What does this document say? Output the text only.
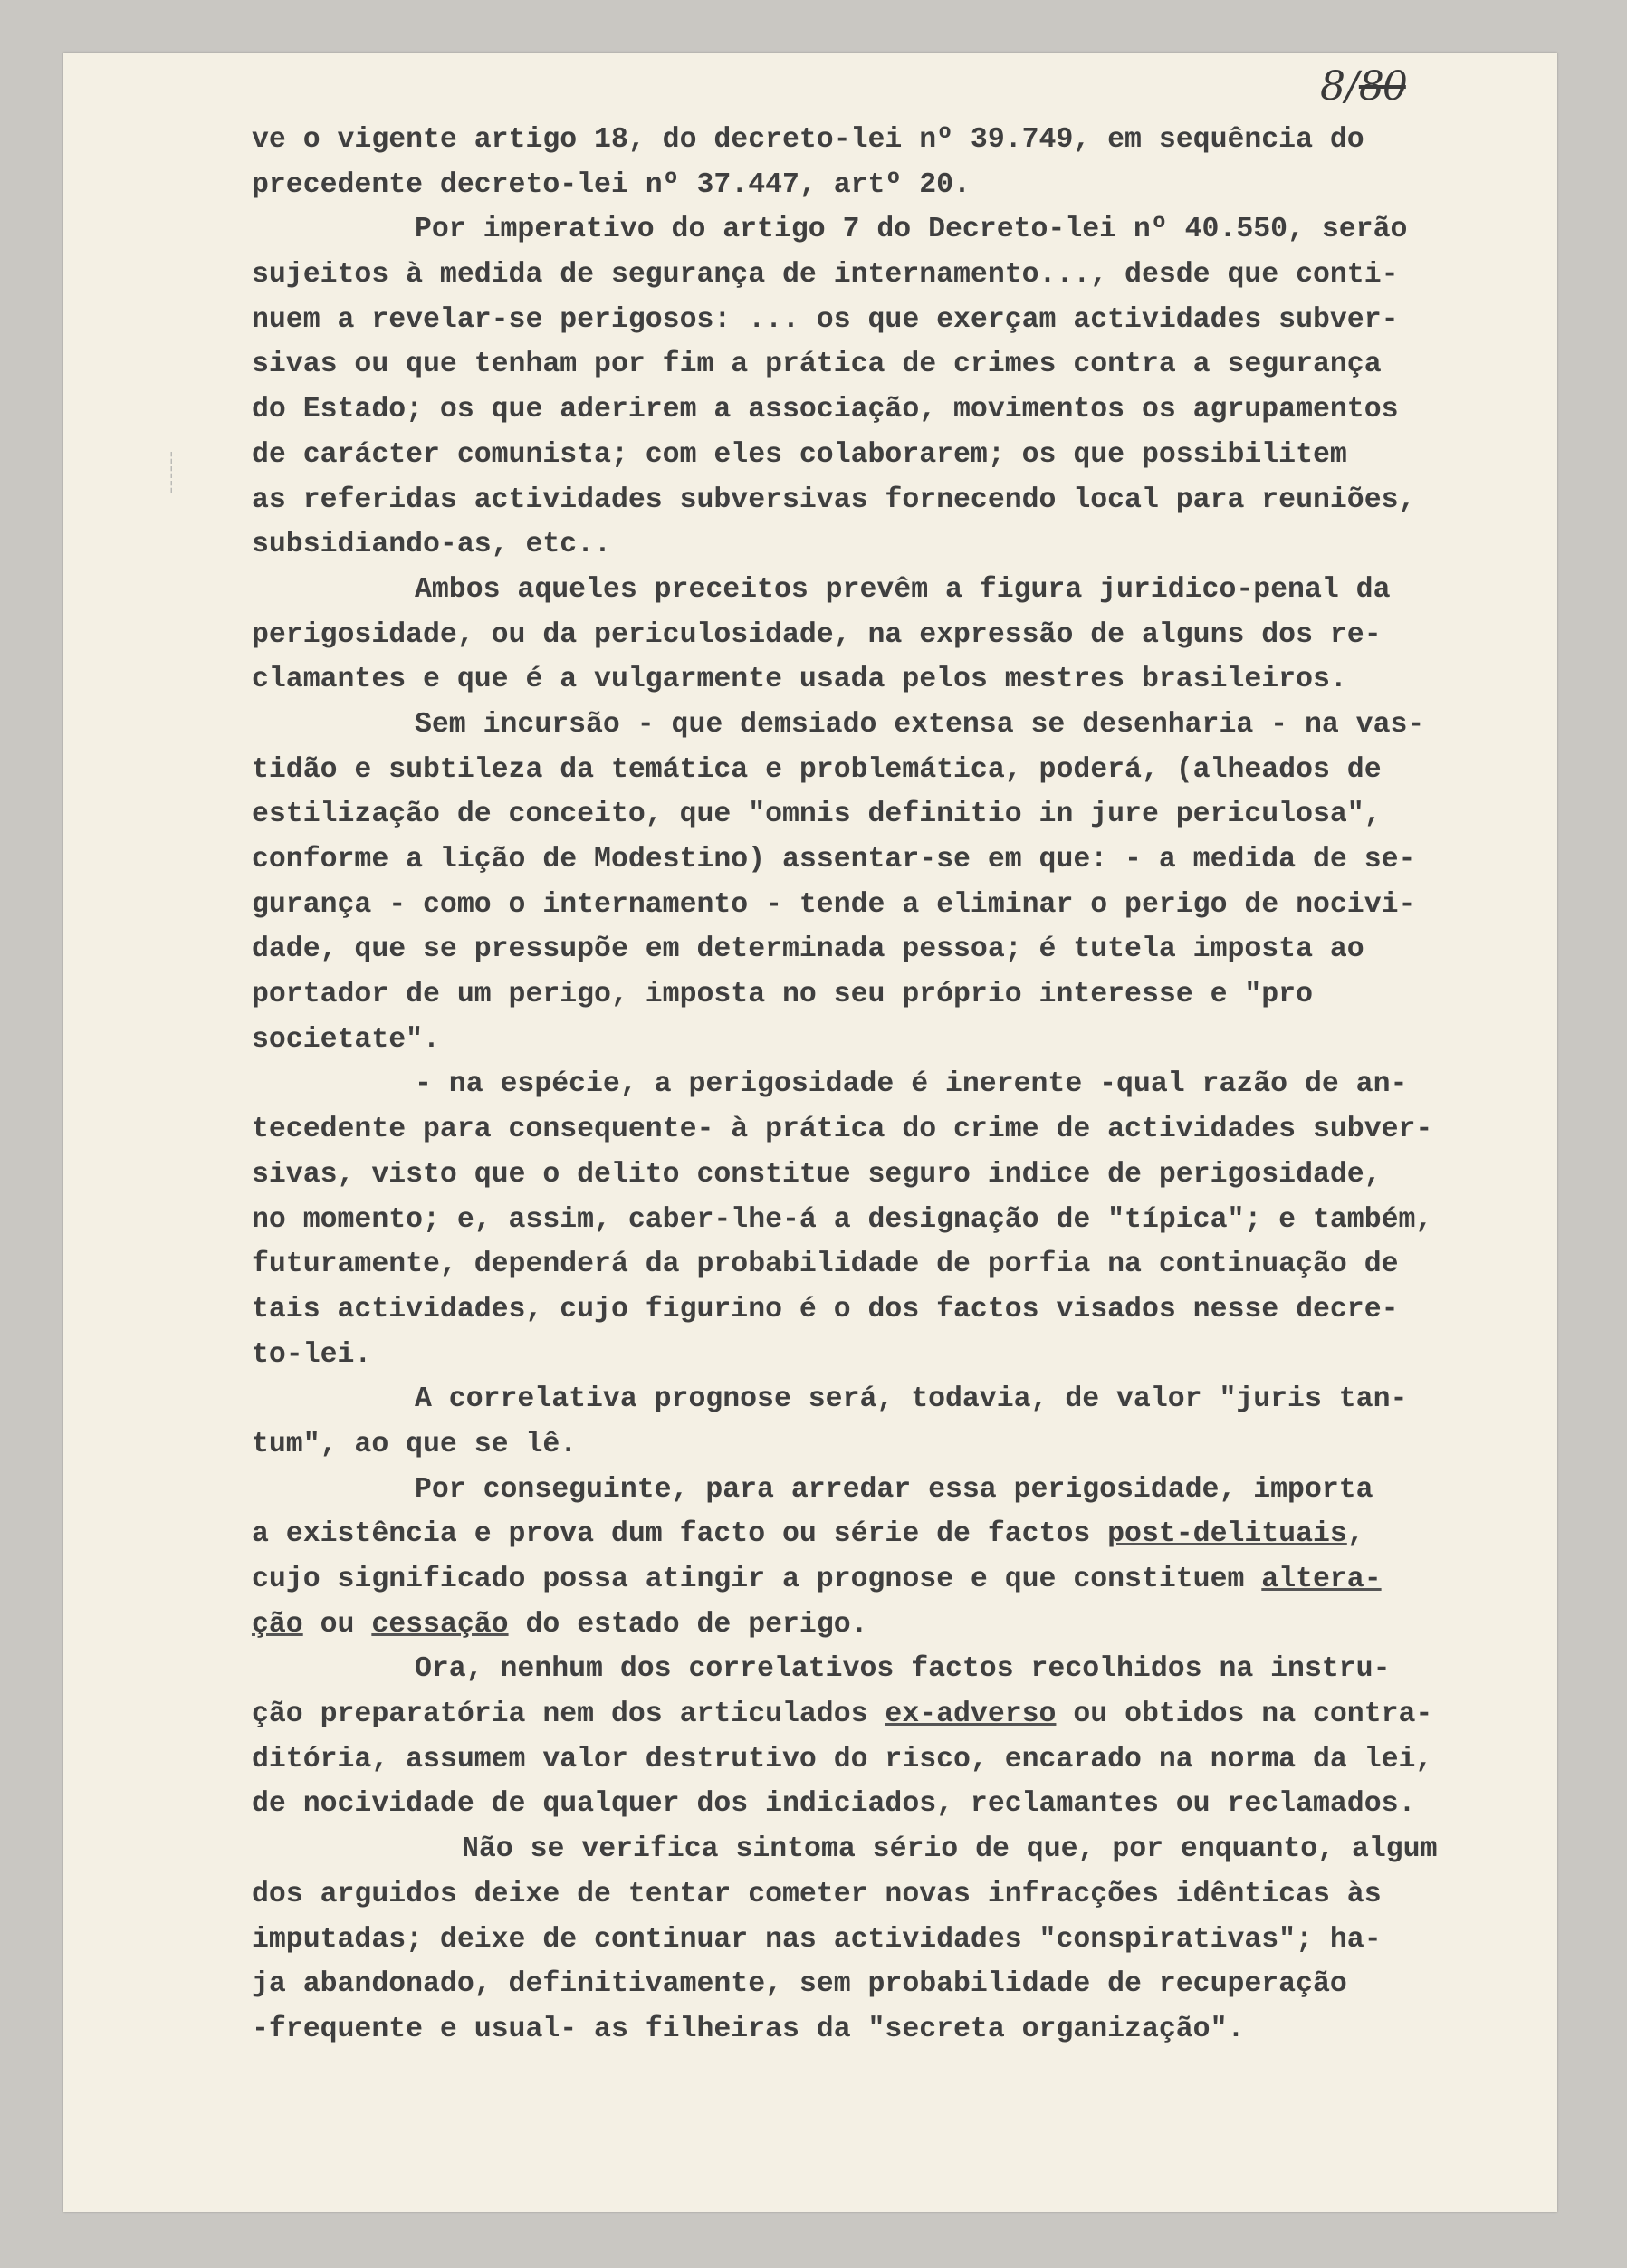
8/80
¦
¦
¦
ve o vigente artigo 18, do decreto-lei nº 39.749, em sequência do
precedente decreto-lei nº 37.447, artº 20.
Por imperativo do artigo 7 do Decreto-lei nº 40.550, serão
sujeitos à medida de segurança de internamento..., desde que conti-
nuem a revelar-se perigosos: ... os que exerçam actividades subver-
sivas ou que tenham por fim a prática de crimes contra a segurança
do Estado; os que aderirem a associação, movimentos os agrupamentos
de carácter comunista; com eles colaborarem; os que possibilitem
as referidas actividades subversivas fornecendo local para reuniões,
subsidiando-as, etc..
Ambos aqueles preceitos prevêm a figura juridico-penal da
perigosidade, ou da periculosidade, na expressão de alguns dos re-
clamantes e que é a vulgarmente usada pelos mestres brasileiros.
Sem incursão - que demsiado extensa se desenharia - na vas-
tidão e subtileza da temática e problemática, poderá, (alheados de
estilização de conceito, que "omnis definitio in jure periculosa",
conforme a lição de Modestino) assentar-se em que: - a medida de se-
gurança - como o internamento - tende a eliminar o perigo de nocivi-
dade, que se pressupõe em determinada pessoa; é tutela imposta ao
portador de um perigo, imposta no seu próprio interesse e "pro
societate".
- na espécie, a perigosidade é inerente -qual razão de an-
tecedente para consequente- à prática do crime de actividades subver-
sivas, visto que o delito constitue seguro indice de perigosidade,
no momento; e, assim, caber-lhe-á a designação de "típica"; e também,
futuramente, dependerá da probabilidade de porfia na continuação de
tais actividades, cujo figurino é o dos factos visados nesse decre-
to-lei.
A correlativa prognose será, todavia, de valor "juris tan-
tum", ao que se lê.
Por conseguinte, para arredar essa perigosidade, importa
a existência e prova dum facto ou série de factos post-delituais,
cujo significado possa atingir a prognose e que constituem altera-
ção ou cessação do estado de perigo.
Ora, nenhum dos correlativos factos recolhidos na instru-
ção preparatória nem dos articulados ex-adverso ou obtidos na contra-
ditória, assumem valor destrutivo do risco, encarado na norma da lei,
de nocividade de qualquer dos indiciados, reclamantes ou reclamados.
Não se verifica sintoma sério de que, por enquanto, algum
dos arguidos deixe de tentar cometer novas infracções idênticas às
imputadas; deixe de continuar nas actividades "conspirativas"; ha-
ja abandonado, definitivamente, sem probabilidade de recuperação
-frequente e usual- as filheiras da "secreta organização".
